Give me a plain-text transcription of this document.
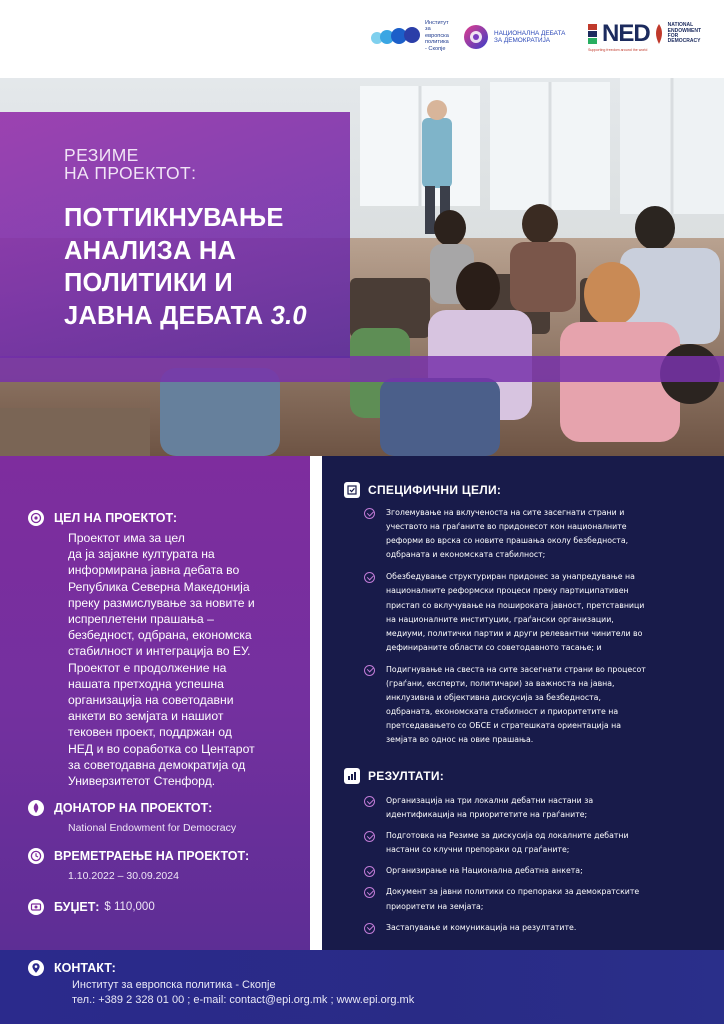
Институт
за
европска
политика
- Скопје
НАЦИОНАЛНА ДЕБАТА
ЗА ДЕМОКРАТИЈА	NED	NATIONAL
ENDOWMENT
FOR
DEMOCRACY
Supporting freedom around the world
РЕЗИМЕ
НА ПРОЕКТОТ:
ПОТТИКНУВАЊЕ
АНАЛИЗА НА
ПОЛИТИКИ И
ЈАВНА ДЕБАТА 3.0
ЦЕЛ НА ПРОЕКТОТ:
Проектот има за цел
да ја зајакне културата на
информирана јавна дебата во
Република Северна Македонија
преку размислување за новите и
испреплетени прашања –
безбедност, одбрана, економска
стабилност и интеграција во ЕУ.
Проектот е продолжение на
нашата претходна успешна
организација на советодавни
анкети во земјата и нашиот
тековен проект, поддржан од
НЕД и во соработка со Центарот
за советодавна демократија од
Универзитетот Стенфорд.
ДОНАТОР НА ПРОЕКТОТ:
National Endowment for Democracy
ВРЕМЕТРАЕЊЕ НА ПРОЕКТОТ:
1.10.2022 – 30.09.2024
БУЏЕТ: $ 110,000
СПЕЦИФИЧНИ ЦЕЛИ:
Зголемување на вклученоста на сите засегнати страни и
учеството на граѓаните во придонесот кон националните
реформи во врска со новите прашања околу безбедноста,
одбраната и економската стабилност;
Обезбедување структуриран придонес за унапредување на
националните реформски процеси преку партиципативен
пристап со вклучување на пошироката јавност, претставници
на националните институции, граѓански организации,
медиуми, политички партии и други релевантни чинители во
дефинираните области со советодавното тасање; и
Подигнување на свеста на сите засегнати страни во процесот
(граѓани, експерти, политичари) за важноста на јавна,
инклузивна и објективна дискусија за безбедноста,
одбраната, економската стабилност и приоритетите на
претседавањето со ОБСЕ и стратешката ориентација на
земјата во однос на овие прашања.
РЕЗУЛТАТИ:
Организација на три локални дебатни настани за
идентификација на приоритетите на граѓаните;
Подготовка на Резиме за дискусија од локалните дебатни
настани со клучни препораки од граѓаните;
Организирање на Национална дебатна анкета;
Документ за јавни политики со препораки за демократските
приоритети на земјата;
Застапување и комуникација на резултатите.
КОНТАКТ:
Институт за европска политика - Скопје
тел.: +389 2 328 01 00 ; e-mail: contact@epi.org.mk ; www.epi.org.mk
